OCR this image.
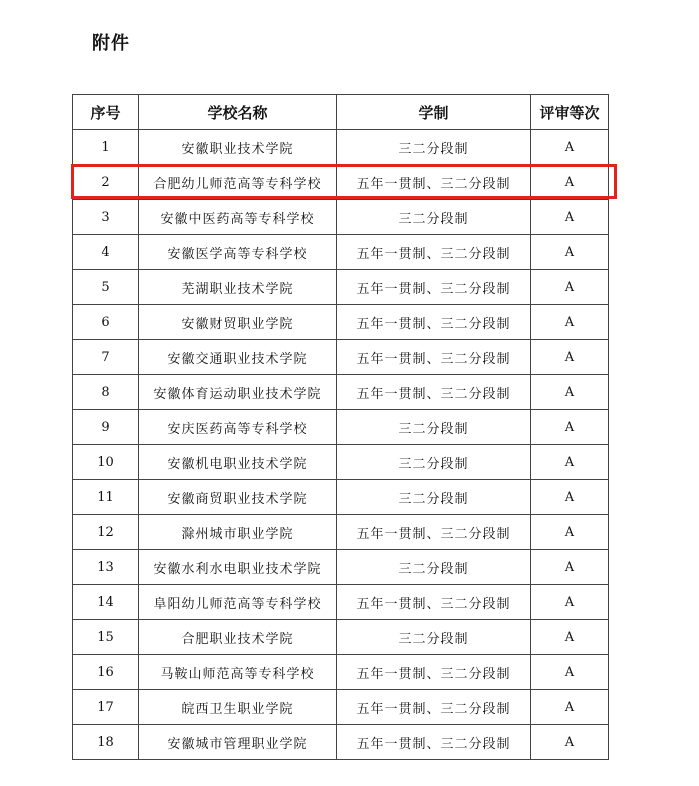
附件
序号	学校名称	学制	评审等次
1	安徽职业技术学院	三二分段制	A
2	合肥幼儿师范高等专科学校	五年一贯制、三二分段制	A
3	安徽中医药高等专科学校	三二分段制	A
4	安徽医学高等专科学校	五年一贯制、三二分段制	A
5	芜湖职业技术学院	五年一贯制、三二分段制	A
6	安徽财贸职业学院	五年一贯制、三二分段制	A
7	安徽交通职业技术学院	五年一贯制、三二分段制	A
8	安徽体育运动职业技术学院	五年一贯制、三二分段制	A
9	安庆医药高等专科学校	三二分段制	A
10	安徽机电职业技术学院	三二分段制	A
11	安徽商贸职业技术学院	三二分段制	A
12	滁州城市职业学院	五年一贯制、三二分段制	A
13	安徽水利水电职业技术学院	三二分段制	A
14	阜阳幼儿师范高等专科学校	五年一贯制、三二分段制	A
15	合肥职业技术学院	三二分段制	A
16	马鞍山师范高等专科学校	五年一贯制、三二分段制	A
17	皖西卫生职业学院	五年一贯制、三二分段制	A
18	安徽城市管理职业学院	五年一贯制、三二分段制	A
